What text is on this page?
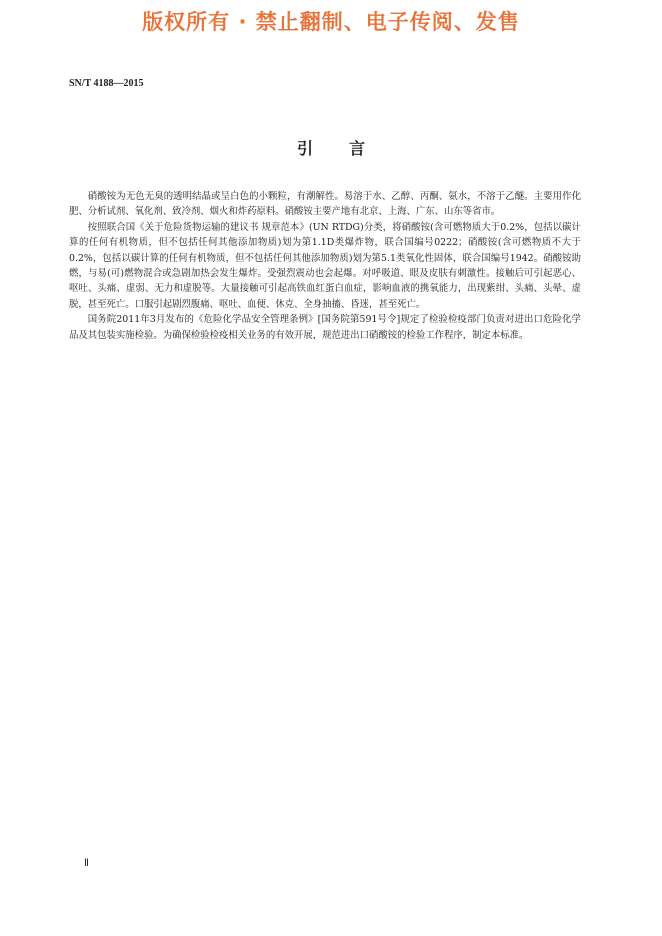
版权所有 · 禁止翻制、电子传阅、发售
SN/T 4188—2015
引言

硝酸铵为无色无臭的透明结晶或呈白色的小颗粒，有潮解性。易溶于水、乙醇、丙酮、氨水，不溶于乙醚。主要用作化肥、分析试剂、氧化剂、致冷剂、烟火和炸药原料。硝酸铵主要产地有北京、上海、广东、山东等省市。

按照联合国《关于危险货物运输的建议书 规章范本》(UN RTDG)分类，将硝酸铵(含可燃物质大于0.2%，包括以碳计算的任何有机物质，但不包括任何其他添加物质)划为第1.1D类爆炸物，联合国编号0222；硝酸铵(含可燃物质不大于0.2%，包括以碳计算的任何有机物质，但不包括任何其他添加物质)划为第5.1类氧化性固体，联合国编号1942。硝酸铵助燃，与易(可)燃物混合或急剧加热会发生爆炸。受强烈震动也会起爆。对呼吸道、眼及皮肤有刺激性。接触后可引起恶心、呕吐、头痛、虚弱、无力和虚脱等。大量接触可引起高铁血红蛋白血症，影响血液的携氧能力，出现紫绀、头痛、头晕、虚脱，甚至死亡。口服引起剧烈腹痛、呕吐、血便、休克、全身抽搐、昏迷，甚至死亡。

国务院2011年3月发布的《危险化学品安全管理条例》[国务院第591号令]规定了检验检疫部门负责对进出口危险化学品及其包装实施检验。为确保检验检疫相关业务的有效开展，规范进出口硝酸铵的检验工作程序，制定本标准。

Ⅱ
